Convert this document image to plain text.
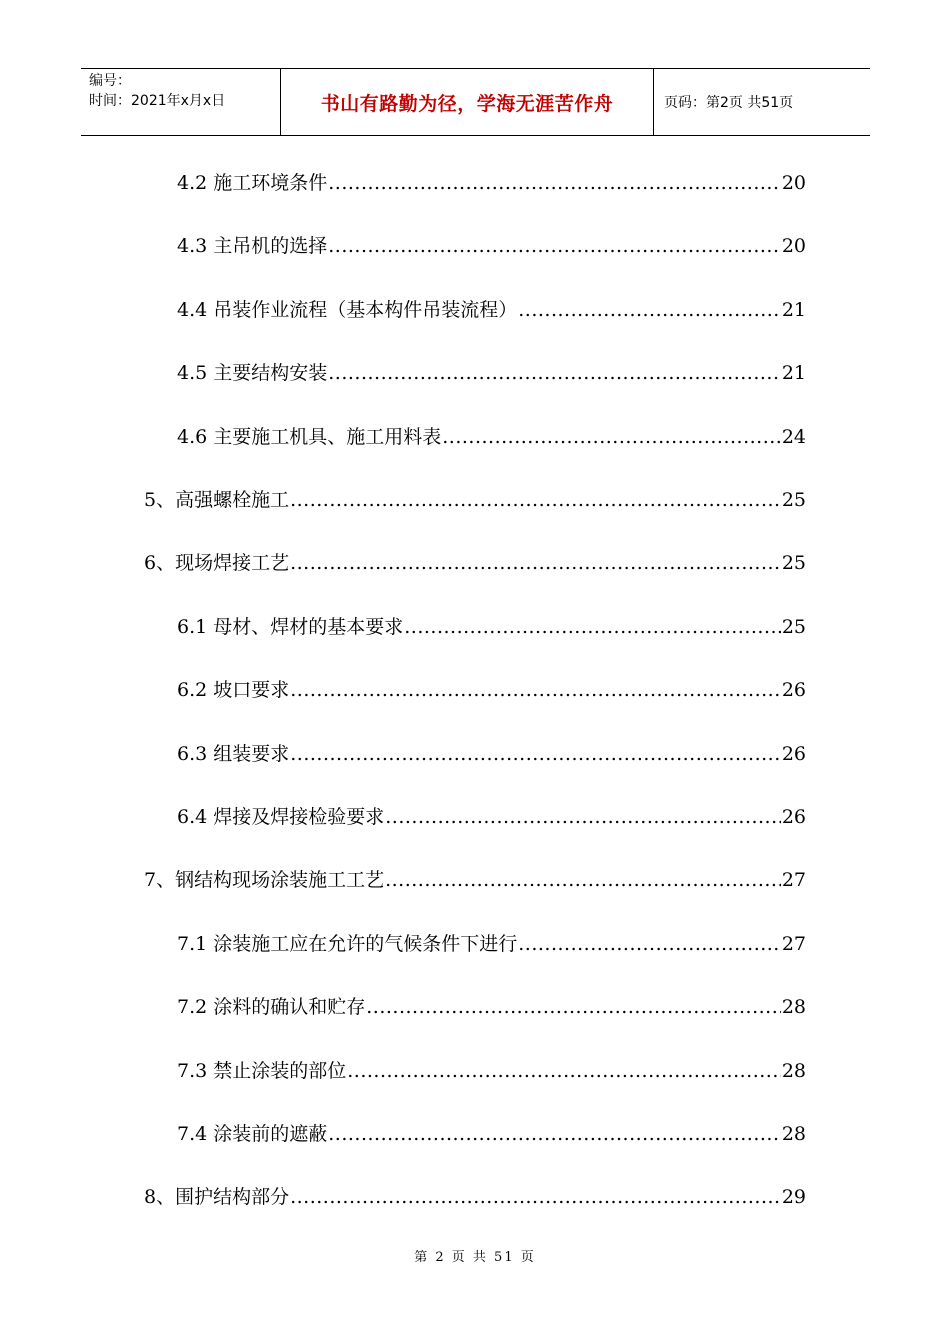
编号：
时间：2021年x月x日	书山有路勤为径，学海无涯苦作舟	页码：第2页 共51页
4.2 施工环境条件 .....	20
4.3 主吊机的选择 .....	20
4.4 吊装作业流程（基本构件吊装流程） .....	21
4.5 主要结构安装 .....	21
4.6 主要施工机具、施工用料表 .....	24
5、高强螺栓施工 .....	25
6、现场焊接工艺 .....	25
6.1 母材、焊材的基本要求 .....	25
6.2 坡口要求 .....	26
6.3 组装要求 .....	26
6.4 焊接及焊接检验要求 .....	26
7、钢结构现场涂装施工工艺 .....	27
7.1 涂装施工应在允许的气候条件下进行 .....	27
7.2 涂料的确认和贮存 .....	28
7.3 禁止涂装的部位 .....	28
7.4 涂装前的遮蔽 .....	28
8、围护结构部分 .....	29
第 2 页 共 51 页
